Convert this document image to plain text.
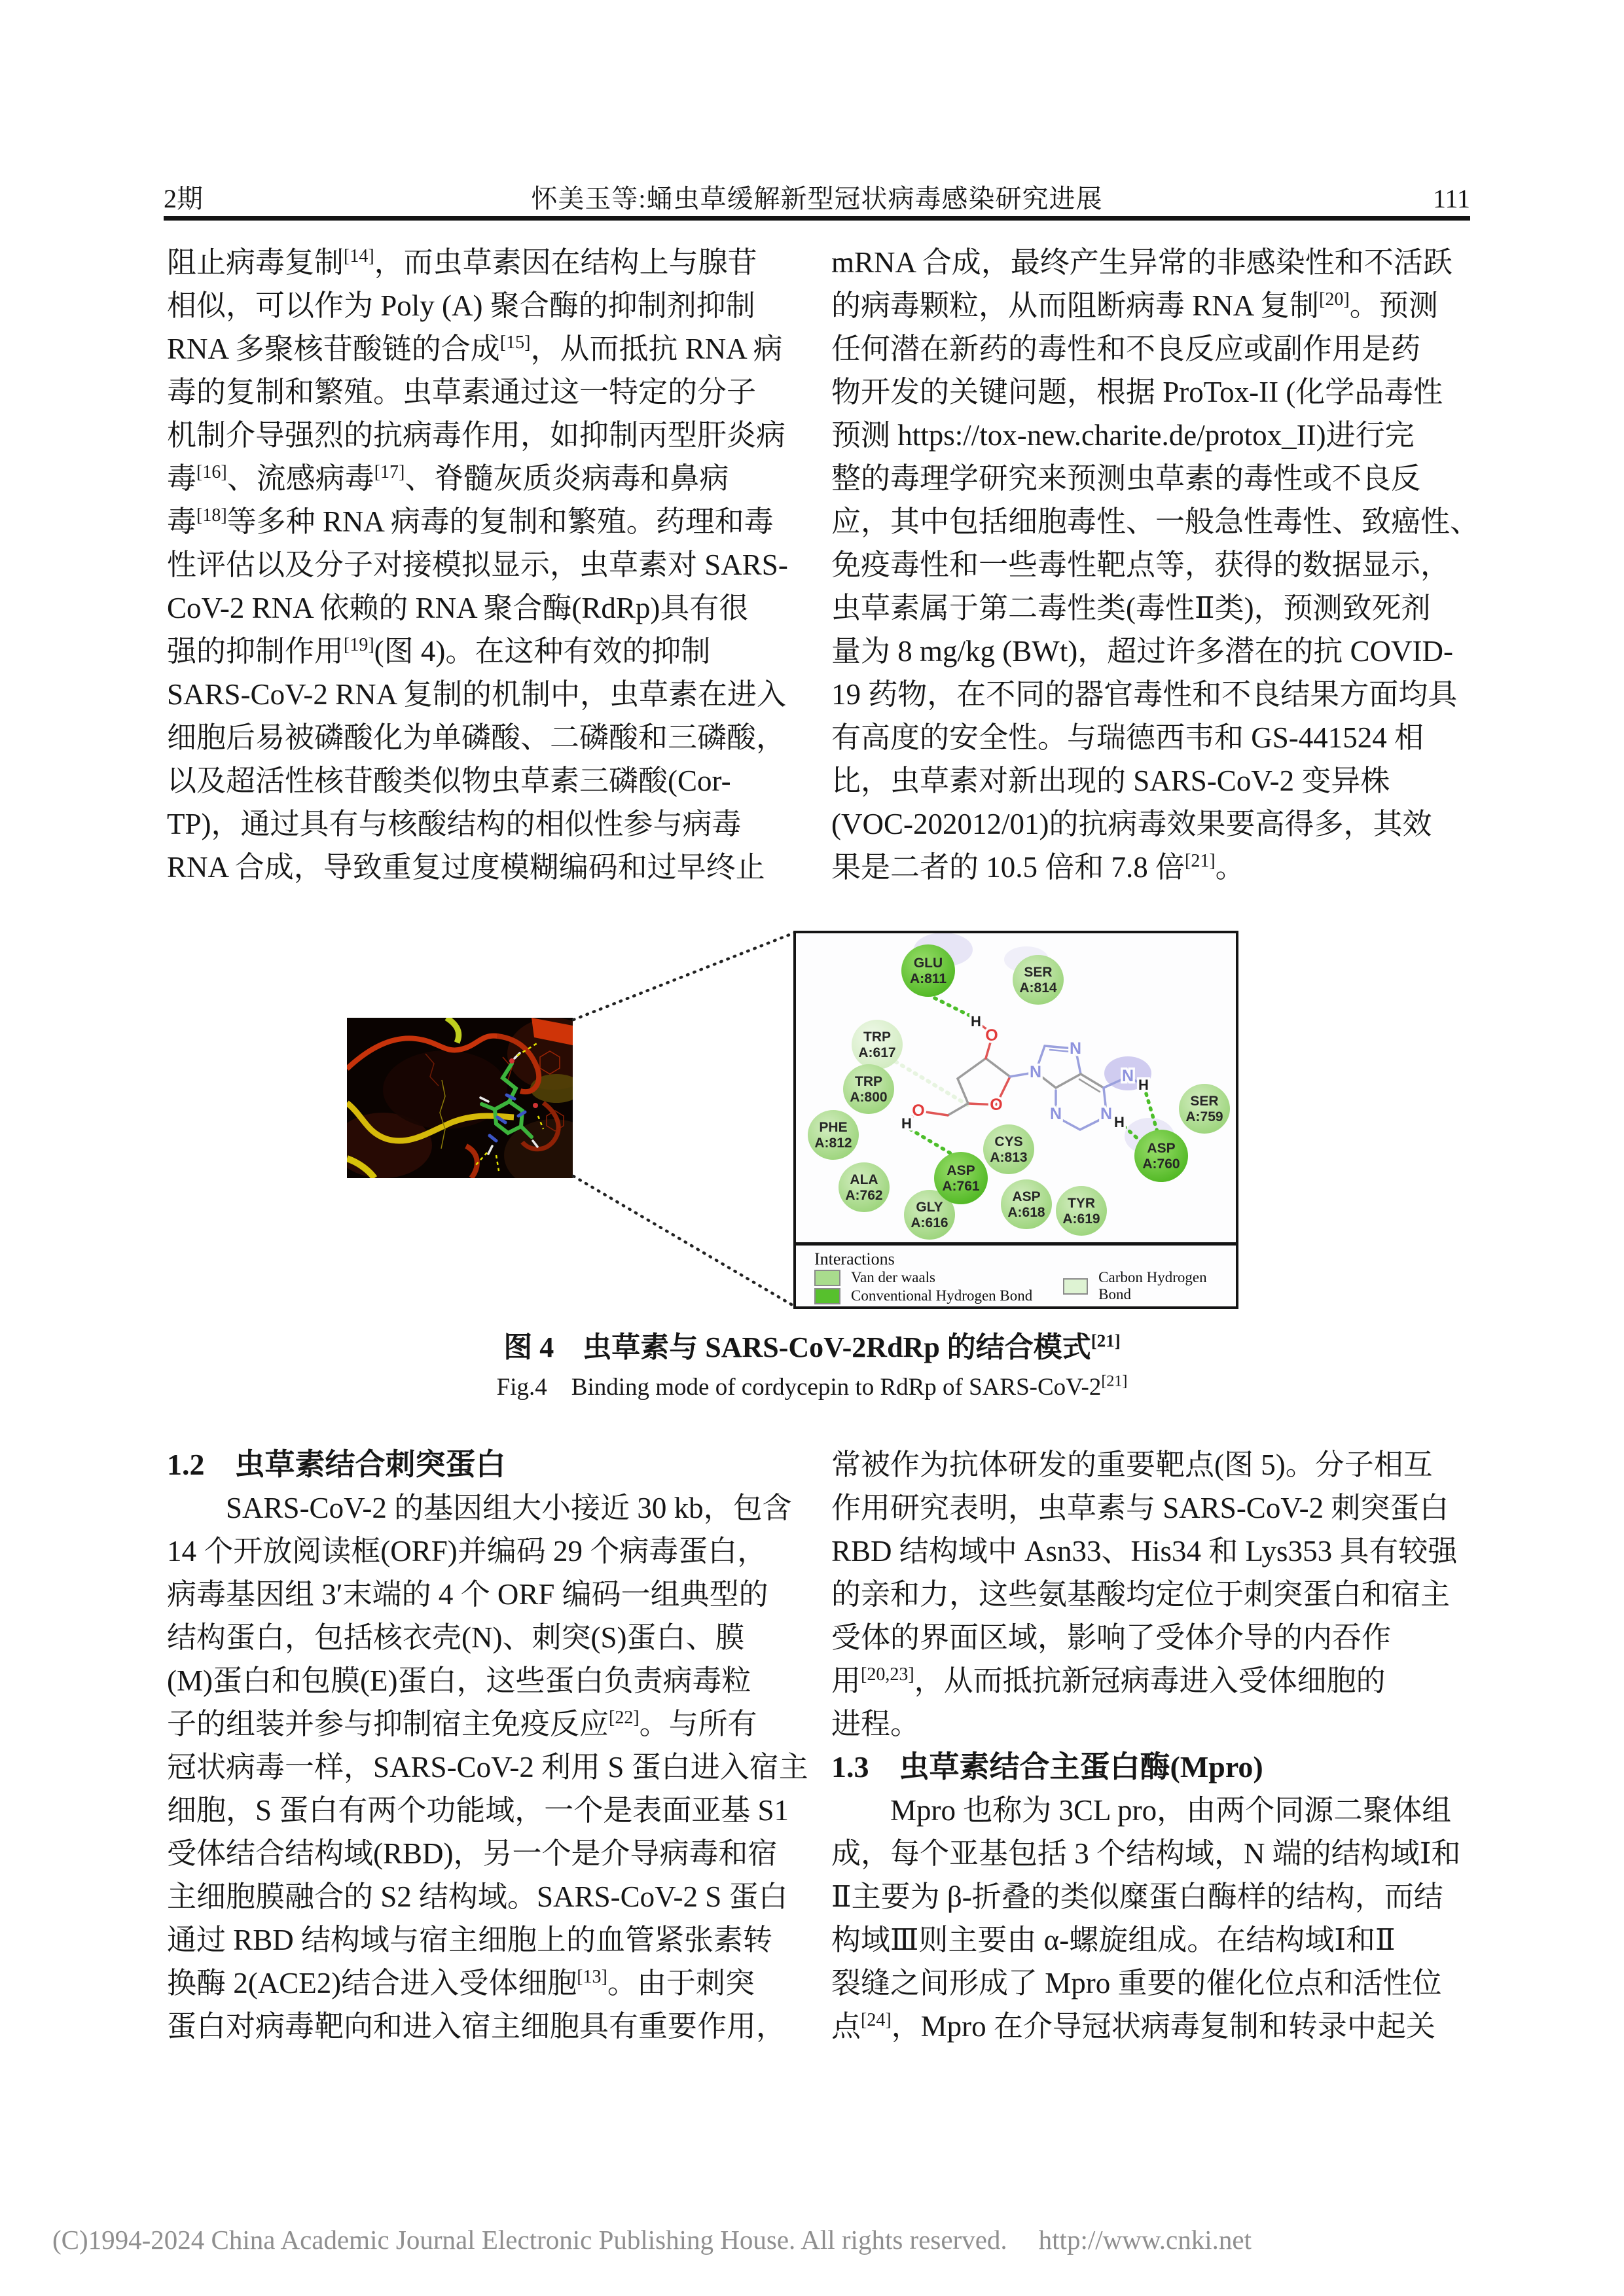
2期	怀美玉等:蛹虫草缓解新型冠状病毒感染研究进展	111
阻止病毒复制[14]，而虫草素因在结构上与腺苷
相似，可以作为 Poly (A) 聚合酶的抑制剂抑制
RNA 多聚核苷酸链的合成[15]，从而抵抗 RNA 病
毒的复制和繁殖。虫草素通过这一特定的分子
机制介导强烈的抗病毒作用，如抑制丙型肝炎病
毒[16]、流感病毒[17]、脊髓灰质炎病毒和鼻病
毒[18]等多种 RNA 病毒的复制和繁殖。药理和毒
性评估以及分子对接模拟显示，虫草素对 SARS-
CoV-2 RNA 依赖的 RNA 聚合酶(RdRp)具有很
强的抑制作用[19](图 4)。在这种有效的抑制
SARS-CoV-2 RNA 复制的机制中，虫草素在进入
细胞后易被磷酸化为单磷酸、二磷酸和三磷酸，
以及超活性核苷酸类似物虫草素三磷酸(Cor-
TP)，通过具有与核酸结构的相似性参与病毒
RNA 合成，导致重复过度模糊编码和过早终止
1.2　虫草素结合刺突蛋白
　　SARS-CoV-2 的基因组大小接近 30 kb，包含
14 个开放阅读框(ORF)并编码 29 个病毒蛋白，
病毒基因组 3′末端的 4 个 ORF 编码一组典型的
结构蛋白，包括核衣壳(N)、刺突(S)蛋白、膜
(M)蛋白和包膜(E)蛋白，这些蛋白负责病毒粒
子的组装并参与抑制宿主免疫反应[22]。与所有
冠状病毒一样，SARS-CoV-2 利用 S 蛋白进入宿主
细胞，S 蛋白有两个功能域，一个是表面亚基 S1
受体结合结构域(RBD)，另一个是介导病毒和宿
主细胞膜融合的 S2 结构域。SARS-CoV-2 S 蛋白
通过 RBD 结构域与宿主细胞上的血管紧张素转
换酶 2(ACE2)结合进入受体细胞[13]。由于刺突
蛋白对病毒靶向和进入宿主细胞具有重要作用，
mRNA 合成，最终产生异常的非感染性和不活跃
的病毒颗粒，从而阻断病毒 RNA 复制[20]。预测
任何潜在新药的毒性和不良反应或副作用是药
物开发的关键问题，根据 ProTox-II (化学品毒性
预测 https://tox-new.charite.de/protox_II)进行完
整的毒理学研究来预测虫草素的毒性或不良反
应，其中包括细胞毒性、一般急性毒性、致癌性、
免疫毒性和一些毒性靶点等，获得的数据显示，
虫草素属于第二毒性类(毒性Ⅱ类)，预测致死剂
量为 8 mg/kg (BWt)，超过许多潜在的抗 COVID-
19 药物，在不同的器官毒性和不良结果方面均具
有高度的安全性。与瑞德西韦和 GS-441524 相
比，虫草素对新出现的 SARS-CoV-2 变异株
(VOC-202012/01)的抗病毒效果要高得多，其效
果是二者的 10.5 倍和 7.8 倍[21]。
常被作为抗体研发的重要靶点(图 5)。分子相互
作用研究表明，虫草素与 SARS-CoV-2 刺突蛋白
RBD 结构域中 Asn33、His34 和 Lys353 具有较强
的亲和力，这些氨基酸均定位于刺突蛋白和宿主
受体的界面区域，影响了受体介导的内吞作
用[20,23]，从而抵抗新冠病毒进入受体细胞的
进程。
1.3　虫草素结合主蛋白酶(Mpro)
　　Mpro 也称为 3CL pro，由两个同源二聚体组
成，每个亚基包括 3 个结构域，N 端的结构域Ⅰ和
Ⅱ主要为 β-折叠的类似糜蛋白酶样的结构，而结
构域Ⅲ则主要由 α-螺旋组成。在结构域Ⅰ和Ⅱ
裂缝之间形成了 Mpro 重要的催化位点和活性位
点[24]，Mpro 在介导冠状病毒复制和转录中起关
H
O
O
O
H
N
N
N N
N H
H
GLU
A:811	SER
A:814
TRP
A:617
TRP
A:800
PHE
A:812
ALA
A:762
GLY
A:616
ASP
A:761
CYS
A:813
ASP
A:618
TYR
A:619
ASP
A:760
SER
A:759
Interactions
Van der waals
Conventional Hydrogen Bond
Carbon Hydrogen Bond
图 4　虫草素与 SARS-CoV-2RdRp 的结合模式[21]
Fig.4　Binding mode of cordycepin to RdRp of SARS-CoV-2[21]
(C)1994-2024 China Academic Journal Electronic Publishing House. All rights reserved. http://www.cnki.net
